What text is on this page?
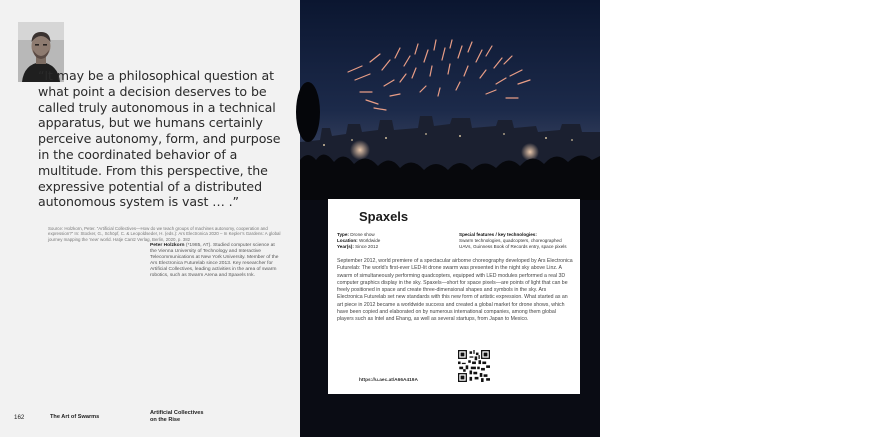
“It may be a philosophical question at what point a decision deserves to be called truly autonomous in a technical apparatus, but we humans certainly perceive autonomy, form, and purpose in the coordinated behavior of a multitude. From this perspective, the expressive potential of a distributed autonomous system is vast … .”
Source: Holzkorn, Peter. “Artificial Collectives—How do we teach groups of machines autonomy, cooperation and expression?” In: Stocker, G., Schöpf, C. & Leopoldseder, H. (eds.): Ars Electronica 2020 – In Kepler’s Gardens: A global journey mapping the ‘new’ world. Hatje Cantz Verlag, Berlin, 2020, p. 382
Peter Holzkorn (*1985, AT). Studied computer science at the Vienna University of Technology and Interactive Telecommunications at New York University. Member of the Ars Electronica Futurelab since 2013. Key researcher for Artificial Collectives, leading activities in the area of swarm robotics, such as Swarm Arena and Spaxels Ink.
162	The Art of Swarms
Artificial Collectives on the Rise	163
Spaxels
Type: Drone show
Location: Worldwide
Year(s): Since 2012
Special features / key technologies:
Swarm technologies, quadcopters, choreographed UAVs, Guinness Book of Records entry, space pixels
September 2012, world premiere of a spectacular airborne choreography developed by Ars Electronica Futurelab: The world’s first-ever LED-lit drone swarm was presented in the night sky above Linz. A swarm of simultaneously performing quadcopters, equipped with LED modules performed a real 3D computer graphics display in the sky. Spaxels—short for space pixels—are points of light that can be freely positioned in space and create three-dimensional shapes and symbols in the sky. Ars Electronica Futurelab set new standards with this new form of artistic expression. What started as an art piece in 2012 became a worldwide success and created a global market for drone shows, which have been copied and elaborated on by numerous international companies, among them global players such as Intel and Ehang, as well as several startups, from Japan to Mexico.
https://u.aec.at/A66A419A
